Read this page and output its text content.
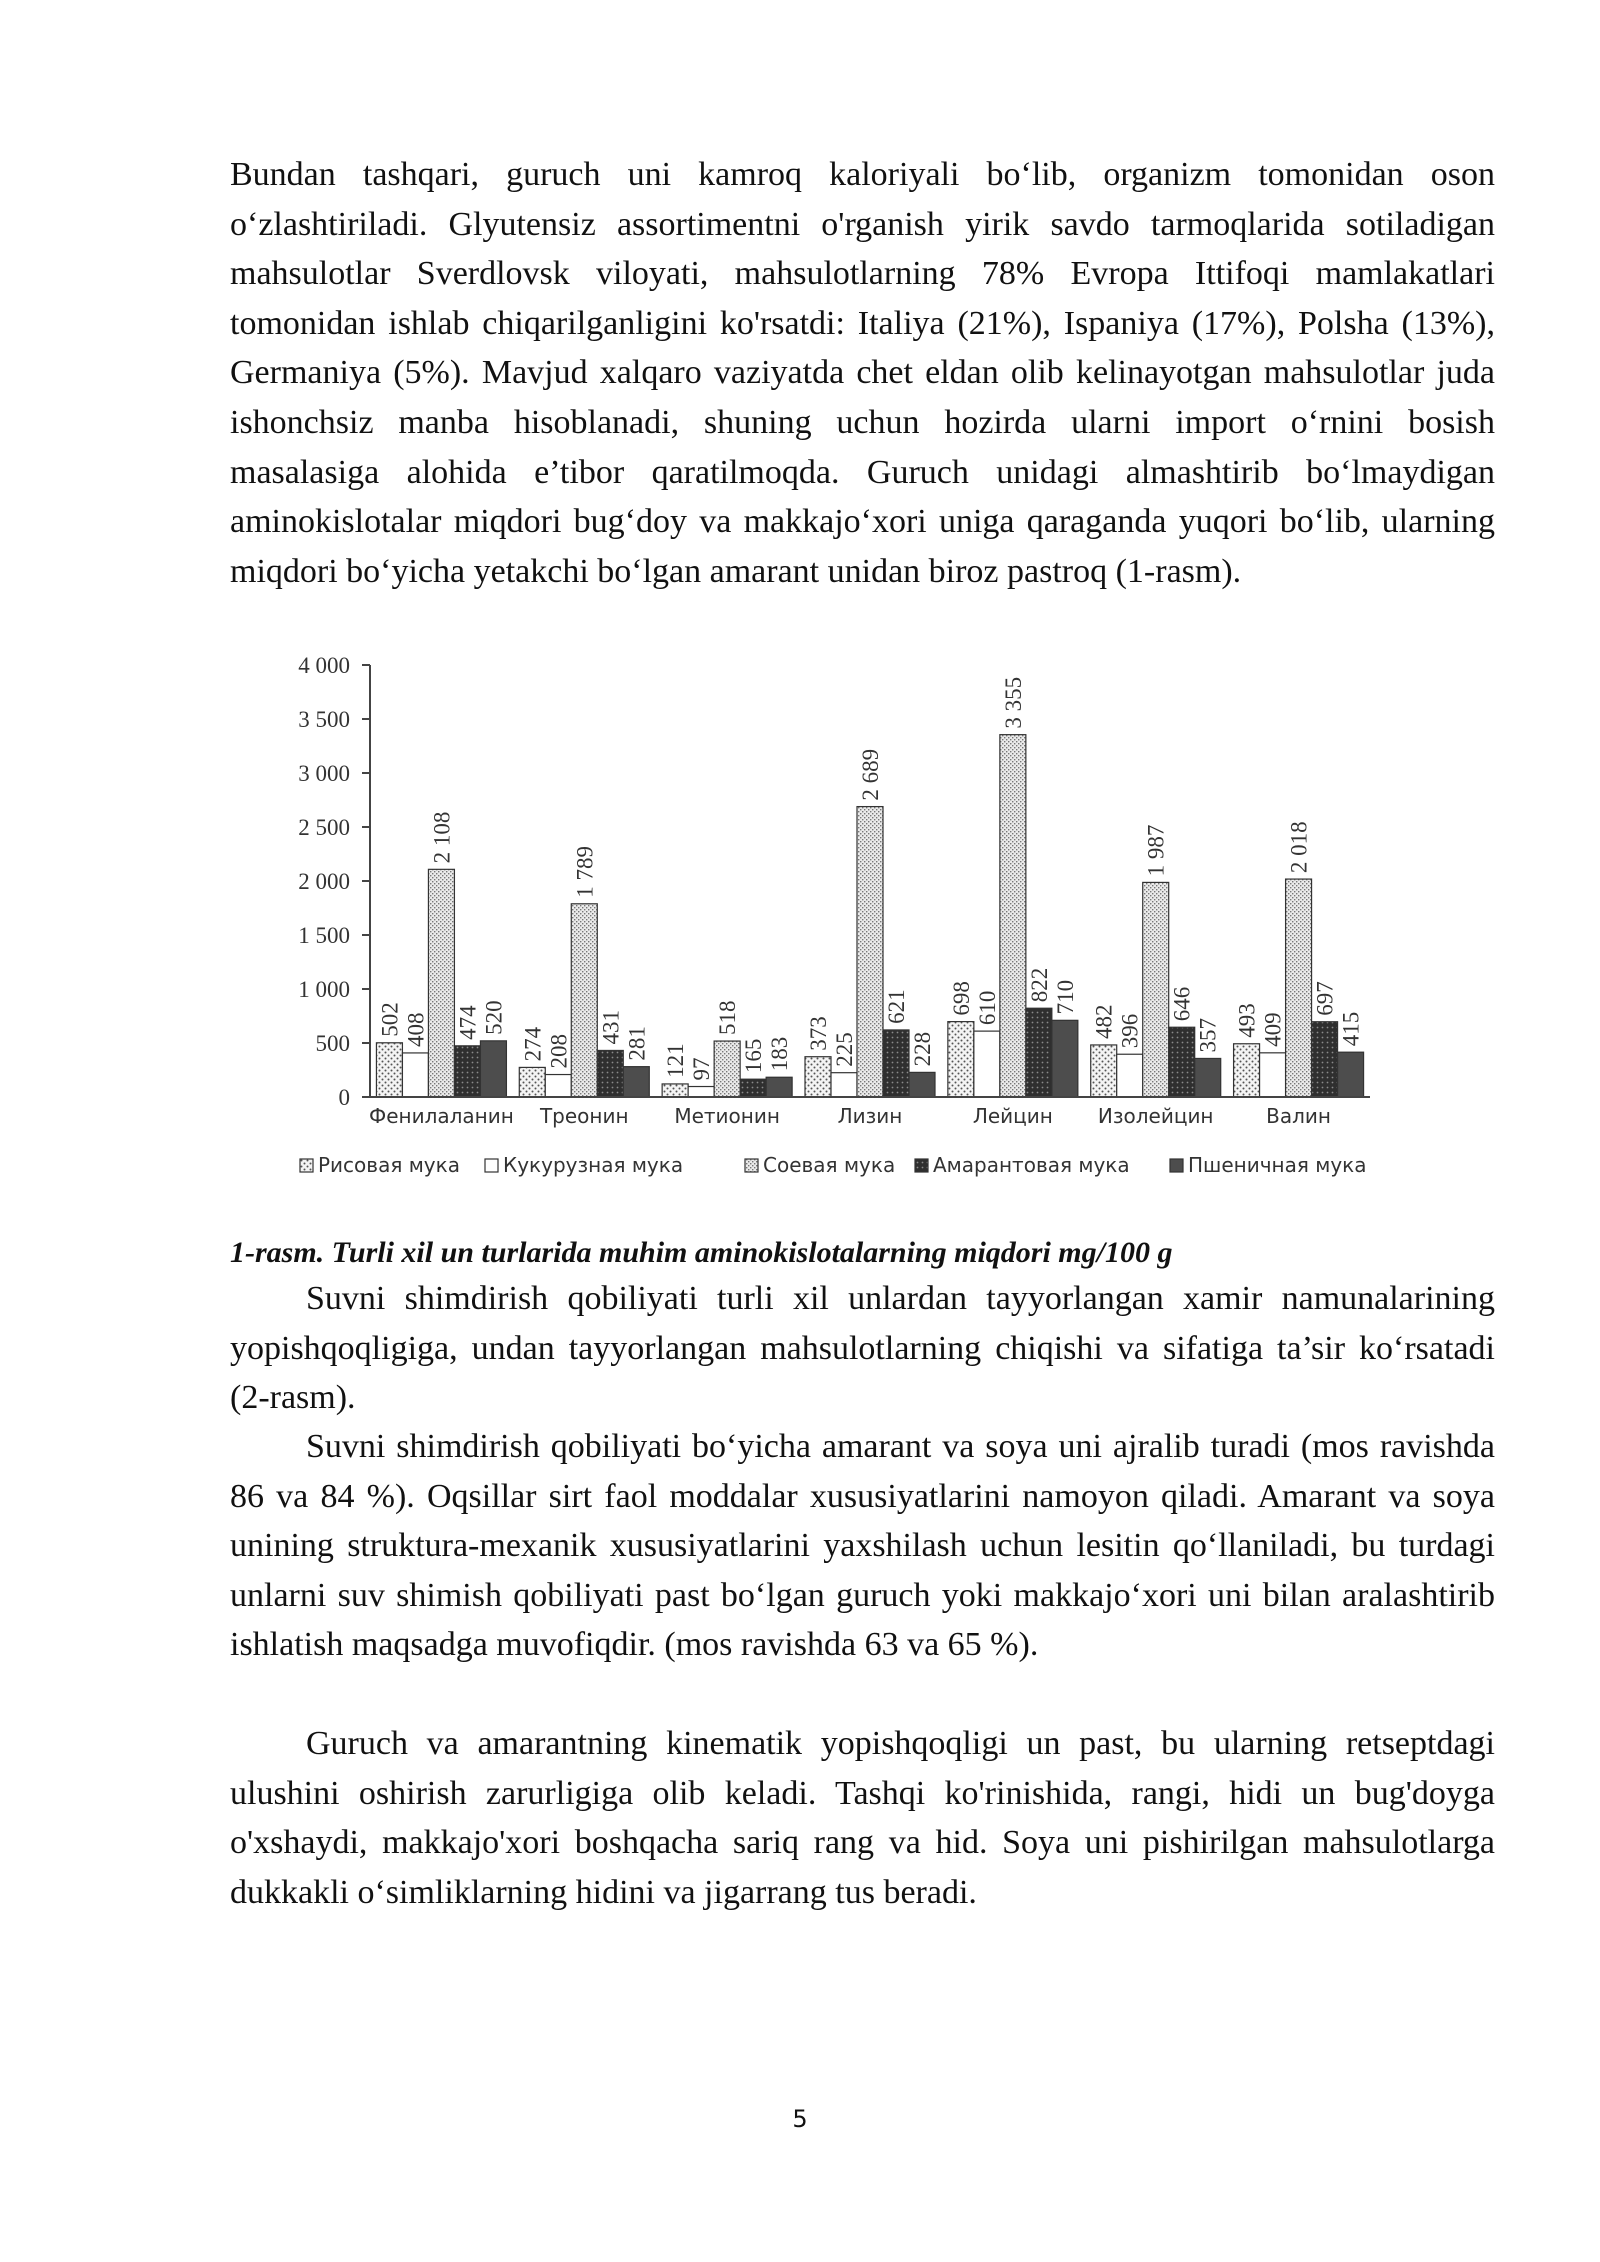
Bundan tashqari, guruch uni kamroq kaloriyali bo‘lib, organizm tomonidan oson o‘zlashtiriladi. Glyutensiz assortimentni o'rganish yirik savdo tarmoqlarida sotiladigan mahsulotlar Sverdlovsk viloyati, mahsulotlarning 78% Evropa Ittifoqi mamlakatlari tomonidan ishlab chiqarilganligini ko'rsatdi: Italiya (21%), Ispaniya (17%), Polsha (13%), Germaniya (5%). Mavjud xalqaro vaziyatda chet eldan olib kelinayotgan mahsulotlar juda ishonchsiz manba hisoblanadi, shuning uchun hozirda ularni import o‘rnini bosish masalasiga alohida e’tibor qaratilmoqda. Guruch unidagi almashtirib bo‘lmaydigan aminokislotalar miqdori bug‘doy va makkajo‘xori uniga qaraganda yuqori bo‘lib, ularning miqdori bo‘yicha yetakchi bo‘lgan amarant unidan biroz pastroq (1-rasm).

0
500
1 000
1 500
2 000
2 500
3 000
3 500
4 000
502 408
2 108
474 520
274 208
1 789
431 281
121 97
518
165 183
373 225
2 689
621
228
698 610
3 355
822 710
482 396
1 987
646
357 493 409
2 018
697
415
Фенилаланин Треонин Метионин	Лизин	Лейцин Изолейцин	Валин
Рисовая мука Кукурузная мука	Соевая мука Амарантовая мука	Пшеничная мука
1-rasm. Turli xil un turlarida muhim aminokislotalarning miqdori mg/100 g

Suvni shimdirish qobiliyati turli xil unlardan tayyorlangan xamir namunalarining yopishqoqligiga, undan tayyorlangan mahsulotlarning chiqishi va sifatiga ta’sir ko‘rsatadi (2-rasm).

Suvni shimdirish qobiliyati bo‘yicha amarant va soya uni ajralib turadi (mos ravishda 86 va 84 %). Oqsillar sirt faol moddalar xususiyatlarini namoyon qiladi. Amarant va soya unining struktura-mexanik xususiyatlarini yaxshilash uchun lesitin qo‘llaniladi, bu turdagi unlarni suv shimish qobiliyati past bo‘lgan guruch yoki makkajo‘xori uni bilan aralashtirib ishlatish maqsadga muvofiqdir. (mos ravishda 63 va 65 %).

Guruch va amarantning kinematik yopishqoqligi un past, bu ularning retseptdagi ulushini oshirish zarurligiga olib keladi. Tashqi ko'rinishida, rangi, hidi un bug'doyga o'xshaydi, makkajo'xori boshqacha sariq rang va hid. Soya uni pishirilgan mahsulotlarga dukkakli o‘simliklarning hidini va jigarrang tus beradi.

5
